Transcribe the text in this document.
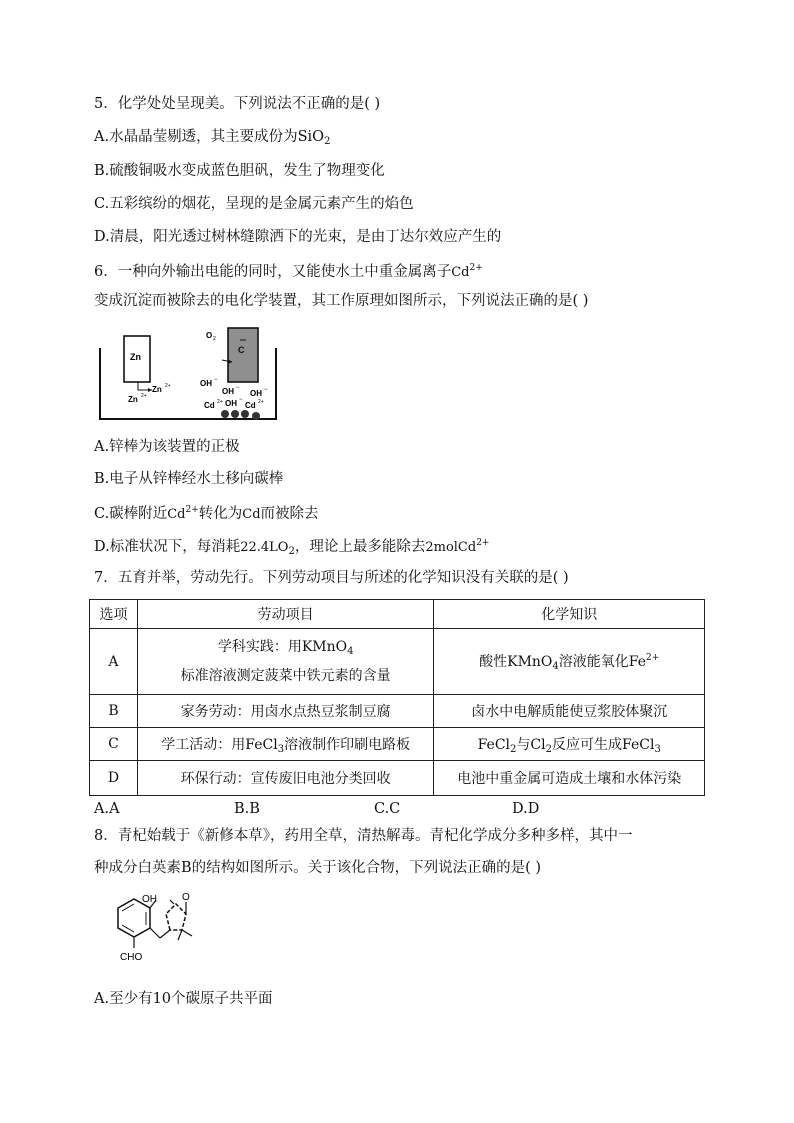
5．化学处处呈现美。下列说法不正确的是( )
A.水晶晶莹剔透，其主要成份为SiO$_2$
B.硫酸铜吸水变成蓝色胆矾，发生了物理变化
C.五彩缤纷的烟花，呈现的是金属元素产生的焰色
D.清晨，阳光透过树林缝隙洒下的光束，是由丁达尔效应产生的
6．一种向外输出电能的同时，又能使水土中重金属离子$Cd^{2+}$
变成沉淀而被除去的电化学装置，其工作原理如图所示，下列说法正确的是( )
Zn
Zn 2+
Zn 2+
C
O 2
OH −
OH −
OH −
Cd 2+ OH −
Cd 2+
A.锌棒为该装置的正极
B.电子从锌棒经水土移向碳棒
C.碳棒附近$Cd^{2+}$转化为Cd而被除去
D.标准状况下，每消耗$22.4LO_2$，理论上最多能除去2molCd$^{2+}$
7．五育并举，劳动先行。下列劳动项目与所述的化学知识没有关联的是( )
选项	劳动项目	化学知识
A	学科实践：用KMnO$_4$
标准溶液测定菠菜中铁元素的含量	酸性KMnO$_4$溶液能氧化$Fe^{2+}$
B	家务劳动：用卤水点热豆浆制豆腐	卤水中电解质能使豆浆胶体聚沉
C	学工活动：用FeCl$_3$溶液制作印刷电路板	FeCl$_2$与$Cl_2$反应可生成FeCl$_3$
D	环保行动：宣传废旧电池分类回收	电池中重金属可造成土壤和水体污染
A.A	B.B	C.C	D.D
8．青杞始载于《新修本草》，药用全草，清热解毒。青杞化学成分多种多样，其中一
种成分白英素B的结构如图所示。关于该化合物，下列说法正确的是( )
OH
CHO
O
A.至少有10个碳原子共平面
